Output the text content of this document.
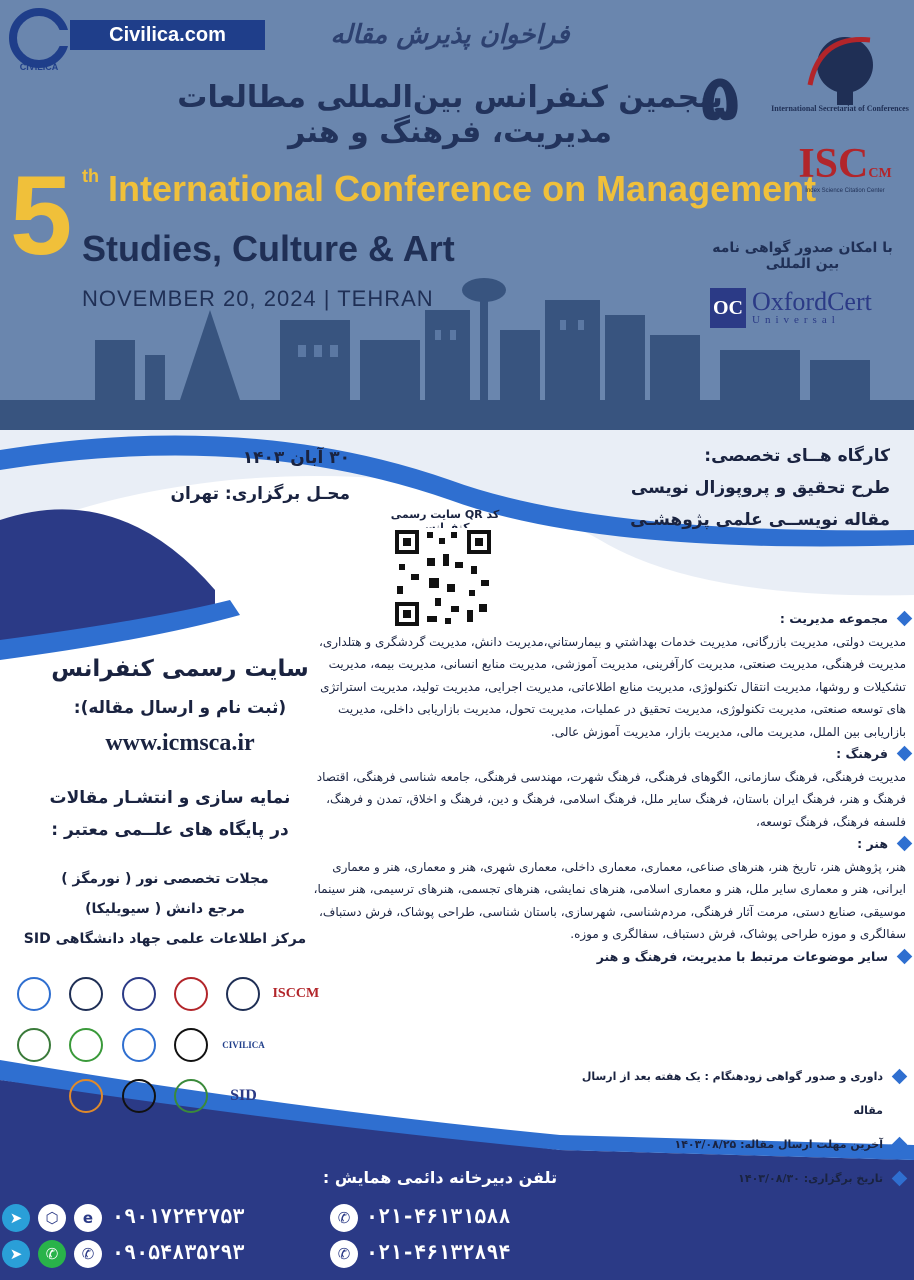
CIVILICA
Civilica.com	فراخوان پذیرش مقاله
۵
پنجمین کنفرانس بین‌المللی مطالعات مدیریت، فرهنگ و هنر
5 th International Conference on Management
Studies, Culture & Art
NOVEMBER 20, 2024 | TEHRAN
International Secretariat of Conferences
ISCCM
Index Science Citation Center
با امکان صدور گواهی نامه بین المللی
OC OxfordCert
Universal
کارگاه هــای تخصصی:
طرح تحقیق و پروپوزال نویسی
مقاله نویســی علمی پژوهشـی
۳۰ آبان ۱۴۰۳
محـل برگزاری: تهران
کد QR سایت رسمی
سایت رسمی کنفرانس
(ثبت نام و ارسال مقاله):
www.icmsca.ir
نمایه سازی و انتشـار مقالات
در پایگاه های علــمی معتبر :
مجلات تخصصی نور ( نورمگز )
مرجع دانش ( سیویلیکا)
مرکز اطلاعات علمی جهاد دانشگاهی SID
ISCCM
CIVILICA
SID
مجموعه مدیریت :
مدیریت دولتی، مدیریت بازرگانی، مدیریت خدمات بهداشتي و بيمارستاني،مديريت دانش، مدیریت گردشگری و هتلداری، مدیریت فرهنگی، مدیریت صنعتی، مدیریت کارآفرینی، مدیریت آموزشی، مدیریت منابع انسانی، مدیریت بیمه، مدیریت تشکیلات و روشها، مدیریت انتقال تکنولوژی، مدیریت منابع اطلاعاتی، مدیریت اجرایی، مدیریت تولید، مدیریت استراتژی های توسعه صنعتی، مدیریت تکنولوژی، مدیریت تحقیق در عملیات، مدیریت تحول، مدیریت بازاریابی داخلی، مدیریت بازاریابی بین الملل، مدیریت مالی، مدیریت بازار، مدیریت آموزش عالی.
فرهنگ :
مدیریت فرهنگی، فرهنگ سازمانی، الگوهای فرهنگی، فرهنگ شهرت، مهندسی فرهنگی، جامعه شناسی فرهنگی، اقتصاد فرهنگ و هنر، فرهنگ ایران باستان، فرهنگ سایر ملل، فرهنگ اسلامی، فرهنگ و دین، فرهنگ و اخلاق، تمدن و فرهنگ، فلسفه فرهنگ، فرهنگ توسعه،
هنر :
هنر، پژوهش هنر، تاریخ هنر، هنرهای صناعی، معماری، معماری داخلی، معماری شهری، هنر و معماری، هنر و معماری ایرانی، هنر و معماری سایر ملل، هنر و معماری اسلامی، هنرهای نمایشی، هنرهای تجسمی، هنرهای ترسیمی، هنر سینما، موسیقی، صنایع دستی، مرمت آثار فرهنگی، مردم‌شناسی، شهرسازی، باستان شناسی، طراحی پوشاک، فرش دستباف، سفالگری و موزه طراحی پوشاک، فرش دستباف، سفالگری و موزه.
سایر موضوعات مرتبط با مدیریت، فرهنگ و هنر
داوری و صدور گواهی زودهنگام : یک هفته بعد از ارسال مقاله
آخرین مهلت ارسال مقاله: ۱۴۰۳/۰۸/۲۵
تاریخ برگزاری: ۱۴۰۳/۰۸/۳۰
تلفن دبیرخانه دائمی همایش :
➤	⬡	e ۰۹۰۱۷۲۴۲۷۵۳
➤	✆	✆ ۰۹۰۵۴۸۳۵۲۹۳
✆ ۰۲۱-۴۶۱۳۱۵۸۸
✆ ۰۲۱-۴۶۱۳۲۸۹۴
